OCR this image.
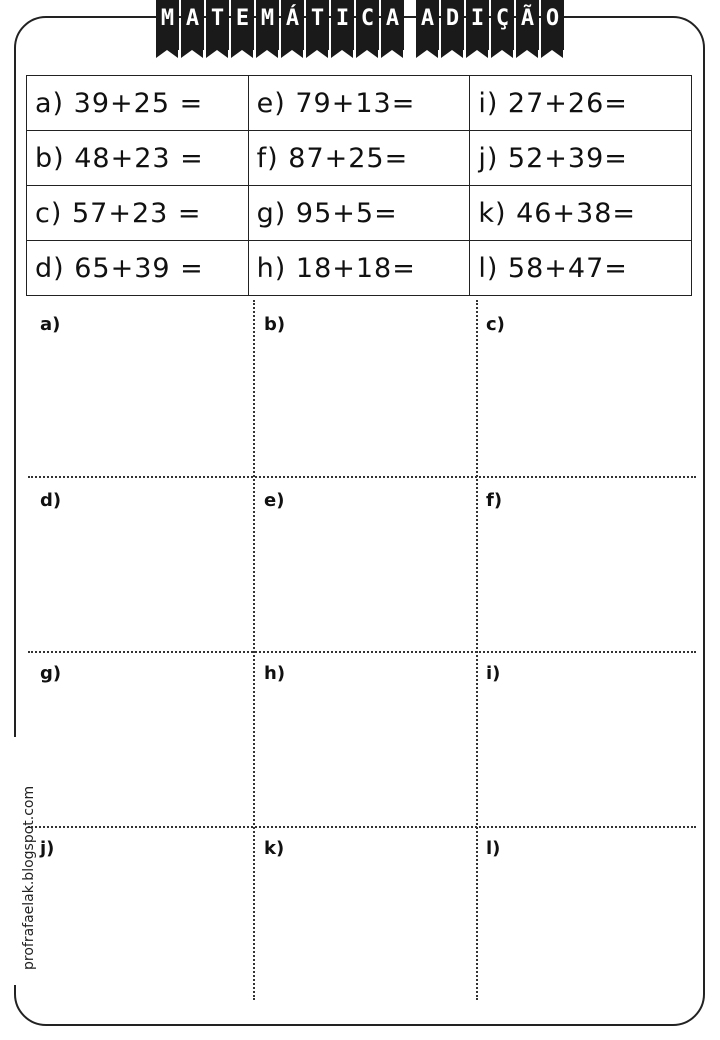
M A T E M Á T I C A A D I Ç Ã O
a) 39+25 =	e) 79+13=	i) 27+26=
b) 48+23 =	f) 87+25=	j) 52+39=
c) 57+23 =	g) 95+5=	k) 46+38=
d) 65+39 =	h) 18+18=	l) 58+47=
a)	b)	c)
d)	e)	f)
g)	h)	i)
j)	k)	l)
profrafaelak.blogspot.com
